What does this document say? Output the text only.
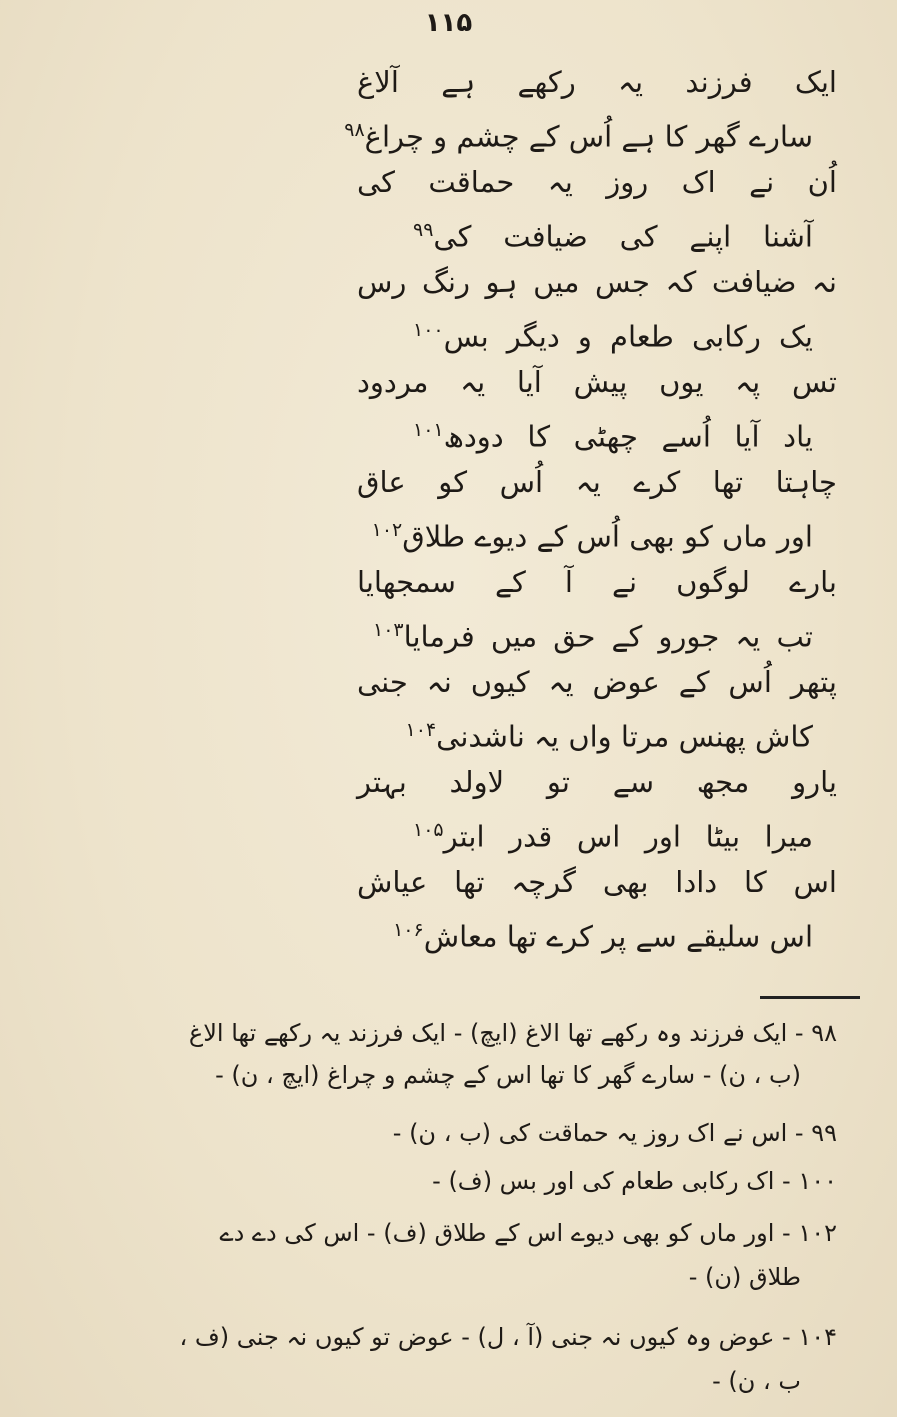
۱۱۵
ایک فرزند یہ رکھے ہے آلاغ
سارے گھر کا ہے اُس کے چشم و چراغ$^{۹۸}$
اُن نے اک روز یہ حماقت کی
آشنا اپنے کی ضیافت کی$^{۹۹}$
نہ ضیافت کہ جس میں ہو رنگ رس
یک رکابی طعام و دیگر بس$^{۱۰۰}$
تس پہ یوں پیش آیا یہ مردود
یاد آیا اُسے چھٹی کا دودھ$^{۱۰۱}$
چاہتا تھا کرے یہ اُس کو عاق
اور ماں کو بھی اُس کے دیوے طلاق$^{۱۰۲}$
بارے لوگوں نے آ کے سمجھایا
تب یہ جورو کے حق میں فرمایا$^{۱۰۳}$
پتھر اُس کے عوض یہ کیوں نہ جنی
کاش پھنس مرتا واں یہ ناشدنی$^{۱۰۴}$
یارو مجھ سے تو لاولد بہتر
میرا بیٹا اور اس قدر ابتر$^{۱۰۵}$
اس کا دادا بھی گرچہ تھا عیاش
اس سلیقے سے پر کرے تھا معاش$^{۱۰۶}$
۹۸ - ایک فرزند وہ رکھے تھا الاغ (ایچ) - ایک فرزند یہ رکھے تھا الاغ
(ب ، ن) - سارے گھر کا تھا اس کے چشم و چراغ (ایچ ، ن) -
۹۹ - اس نے اک روز یہ حماقت کی (ب ، ن) -
۱۰۰ - اک رکابی طعام کی اور بس (ف) -
۱۰۲ - اور ماں کو بھی دیوے اس کے طلاق (ف) - اس کی دے دے
طلاق (ن) -
۱۰۴ - عوض وہ کیوں نہ جنی (آ ، ل) - عوض تو کیوں نہ جنی (ف ،
ب ، ن) -
